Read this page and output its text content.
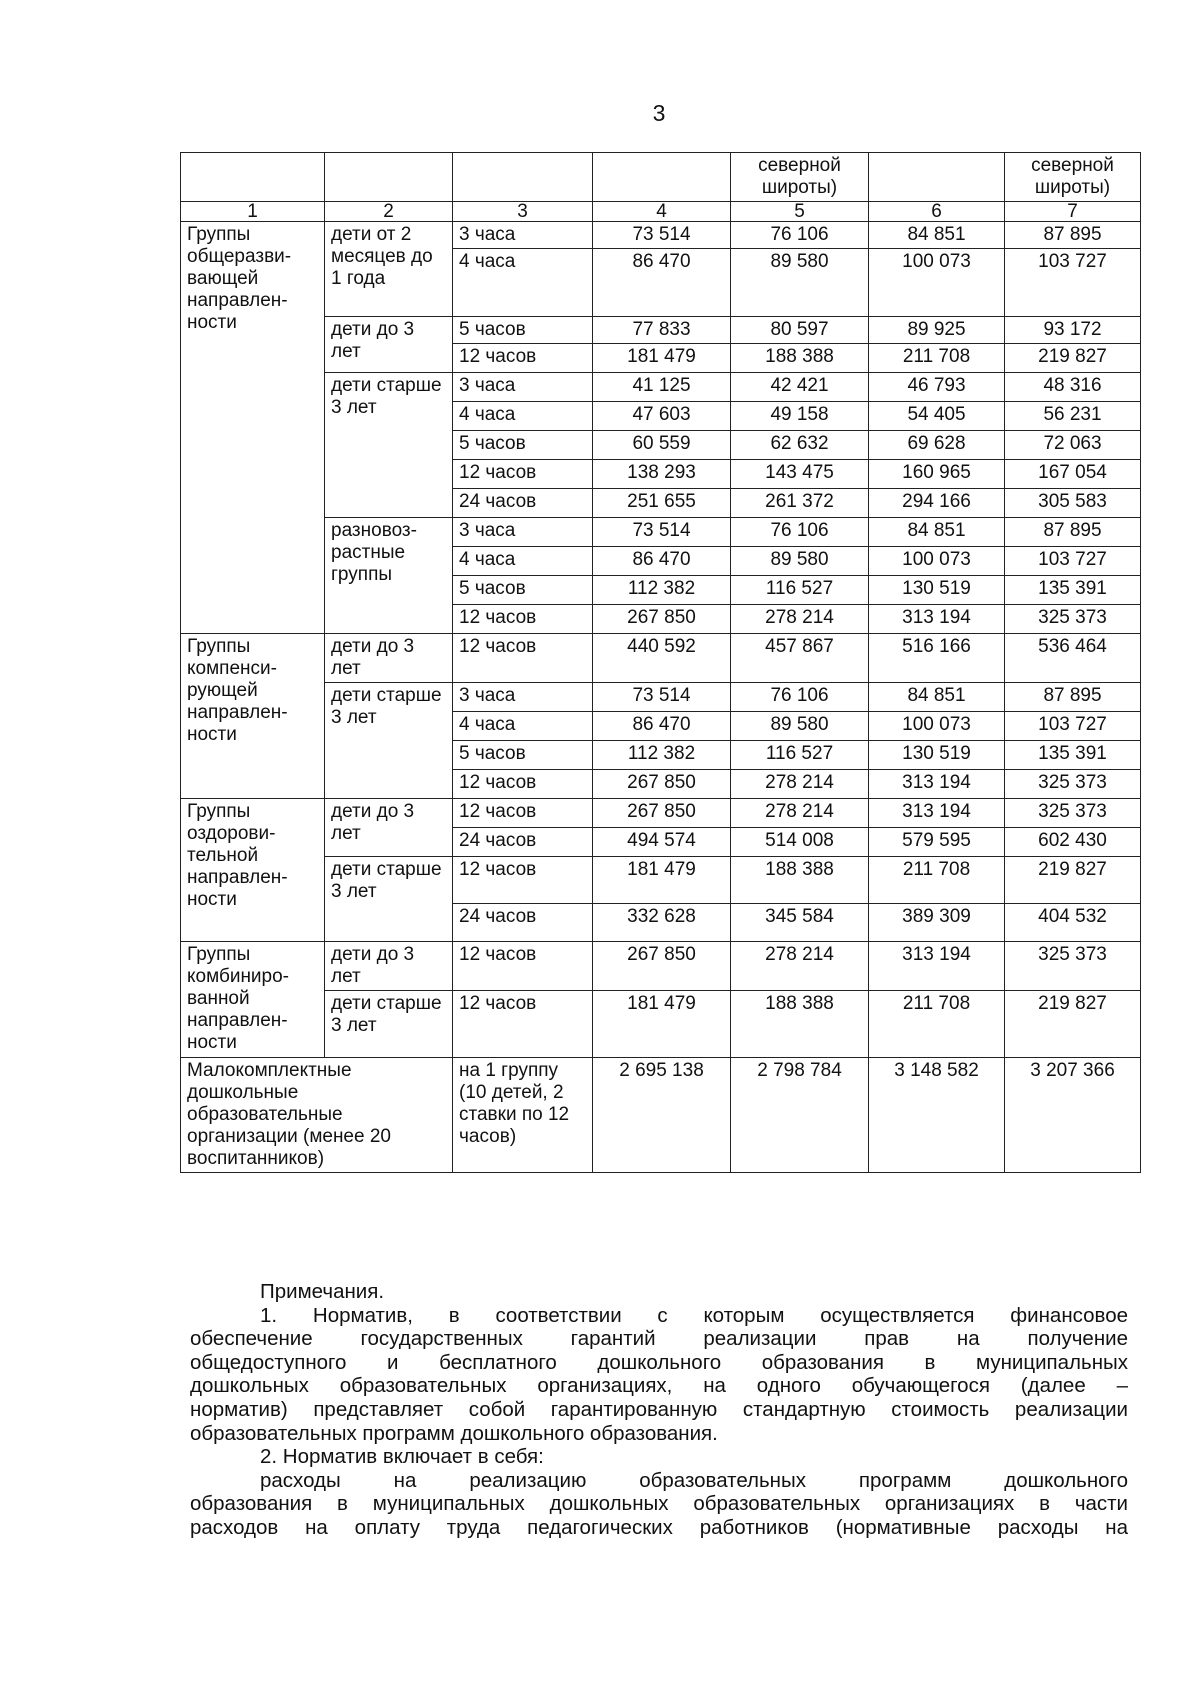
3
				северной широты)		северной широты)
1	2	3	4	5	6	7
Группы общеразви-вающей направлен-ности	дети от 2 месяцев до 1 года	3 часа	73 514	76 106	84 851	87 895
		4 часа	86 470	89 580	100 073	103 727
	дети до 3 лет	5 часов	77 833	80 597	89 925	93 172
		12 часов	181 479	188 388	211 708	219 827
	дети старше 3 лет	3 часа	41 125	42 421	46 793	48 316
		4 часа	47 603	49 158	54 405	56 231
		5 часов	60 559	62 632	69 628	72 063
		12 часов	138 293	143 475	160 965	167 054
		24 часов	251 655	261 372	294 166	305 583
	разновоз-растные группы	3 часа	73 514	76 106	84 851	87 895
		4 часа	86 470	89 580	100 073	103 727
		5 часов	112 382	116 527	130 519	135 391
		12 часов	267 850	278 214	313 194	325 373
Группы компенси-рующей направлен-ности	дети до 3 лет	12 часов	440 592	457 867	516 166	536 464
	дети старше 3 лет	3 часа	73 514	76 106	84 851	87 895
		4 часа	86 470	89 580	100 073	103 727
		5 часов	112 382	116 527	130 519	135 391
		12 часов	267 850	278 214	313 194	325 373
Группы оздорови-тельной направлен-ности	дети до 3 лет	12 часов	267 850	278 214	313 194	325 373
		24 часов	494 574	514 008	579 595	602 430
	дети старше 3 лет	12 часов	181 479	188 388	211 708	219 827
		24 часов	332 628	345 584	389 309	404 532
Группы комбиниро-ванной направлен-ности	дети до 3 лет	12 часов	267 850	278 214	313 194	325 373
	дети старше 3 лет	12 часов	181 479	188 388	211 708	219 827
Малокомплектные дошкольные образовательные организации (менее 20 воспитанников)		на 1 группу (10 детей, 2 ставки по 12 часов)	2 695 138	2 798 784	3 148 582	3 207 366

Примечания.

1. Норматив, в соответствии с которым осуществляется финансовое

обеспечение государственных гарантий реализации прав на получение

общедоступного и бесплатного дошкольного образования в муниципальных

дошкольных образовательных организациях, на одного обучающегося (далее –

норматив) представляет собой гарантированную стандартную стоимость реализации

образовательных программ дошкольного образования.

2. Норматив включает в себя:

расходы на реализацию образовательных программ дошкольного

образования в муниципальных дошкольных образовательных организациях в части

расходов на оплату труда педагогических работников (нормативные расходы на
